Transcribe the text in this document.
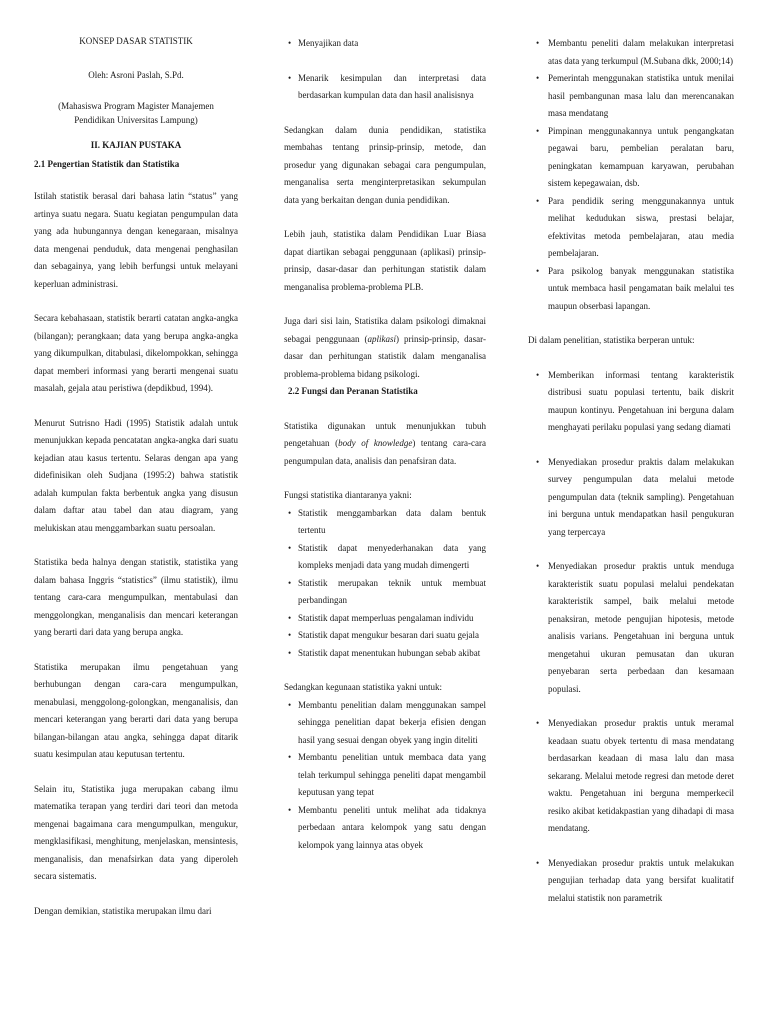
KONSEP DASAR STATISTIK

Oleh: Asroni Paslah, S.Pd.

(Mahasiswa Program Magister Manajemen Pendidikan Universitas Lampung)

II. KAJIAN PUSTAKA

2.1 Pengertian Statistik dan Statistika

Istilah statistik berasal dari bahasa latin “status” yang artinya suatu negara. Suatu kegiatan pengumpulan data yang ada hubungannya dengan kenegaraan, misalnya data mengenai penduduk, data mengenai penghasilan dan sebagainya, yang lebih berfungsi untuk melayani keperluan administrasi.

Secara kebahasaan, statistik berarti catatan angka-angka (bilangan); perangkaan; data yang berupa angka-angka yang dikumpulkan, ditabulasi, dikelompokkan, sehingga dapat memberi informasi yang berarti mengenai suatu masalah, gejala atau peristiwa (depdikbud, 1994).

Menurut Sutrisno Hadi (1995) Statistik adalah untuk menunjukkan kepada pencatatan angka-angka dari suatu kejadian atau kasus tertentu. Selaras dengan apa yang didefinisikan oleh Sudjana (1995:2) bahwa statistik adalah kumpulan fakta berbentuk angka yang disusun dalam daftar atau tabel dan atau diagram, yang melukiskan atau menggambarkan suatu persoalan.

Statistika beda halnya dengan statistik, statistika yang dalam bahasa Inggris “statistics” (ilmu statistik), ilmu tentang cara-cara mengumpulkan, mentabulasi dan menggolongkan, menganalisis dan mencari keterangan yang berarti dari data yang berupa angka.

Statistika merupakan ilmu pengetahuan yang berhubungan dengan cara-cara mengumpulkan, menabulasi, menggolong-golongkan, menganalisis, dan mencari keterangan yang berarti dari data yang berupa bilangan-bilangan atau angka, sehingga dapat ditarik suatu kesimpulan atau keputusan tertentu.

Selain itu, Statistika juga merupakan cabang ilmu matematika terapan yang terdiri dari teori dan metoda mengenai bagaimana cara mengumpulkan, mengukur, mengklasifikasi, menghitung, menjelaskan, mensintesis, menganalisis, dan menafsirkan data yang diperoleh secara sistematis.

Dengan demikian, statistika merupakan ilmu dari

• Menyajikan data
• Menarik kesimpulan dan interpretasi data berdasarkan kumpulan data dan hasil analisisnya

Sedangkan dalam dunia pendidikan, statistika membahas tentang prinsip-prinsip, metode, dan prosedur yang digunakan sebagai cara pengumpulan, menganalisa serta menginterpretasikan sekumpulan data yang berkaitan dengan dunia pendidikan.

Lebih jauh, statistika dalam Pendidikan Luar Biasa dapat diartikan sebagai penggunaan (aplikasi) prinsip-prinsip, dasar-dasar dan perhitungan statistik dalam menganalisa problema-problema PLB.

Juga dari sisi lain, Statistika dalam psikologi dimaknai sebagai penggunaan (aplikasi) prinsip-prinsip, dasar-dasar dan perhitungan statistik dalam menganalisa problema-problema bidang psikologi.

2.2 Fungsi dan Peranan Statistika

Statistika digunakan untuk menunjukkan tubuh pengetahuan (body of knowledge) tentang cara-cara pengumpulan data, analisis dan penafsiran data.

Fungsi statistika diantaranya yakni:

• Statistik menggambarkan data dalam bentuk tertentu
• Statistik dapat menyederhanakan data yang kompleks menjadi data yang mudah dimengerti
• Statistik merupakan teknik untuk membuat perbandingan
• Statistik dapat memperluas pengalaman individu
• Statistik dapat mengukur besaran dari suatu gejala
• Statistik dapat menentukan hubungan sebab akibat

Sedangkan kegunaan statistika yakni untuk:

• Membantu penelitian dalam menggunakan sampel sehingga penelitian dapat bekerja efisien dengan hasil yang sesuai dengan obyek yang ingin diteliti
• Membantu penelitian untuk membaca data yang telah terkumpul sehingga peneliti dapat mengambil keputusan yang tepat
• Membantu peneliti untuk melihat ada tidaknya perbedaan antara kelompok yang satu dengan kelompok yang lainnya atas obyek
• Membantu peneliti dalam melakukan interpretasi atas data yang terkumpul (M.Subana dkk, 2000;14)
• Pemerintah menggunakan statistika untuk menilai hasil pembangunan masa lalu dan merencanakan masa mendatang
• Pimpinan menggunakannya untuk pengangkatan pegawai baru, pembelian peralatan baru, peningkatan kemampuan karyawan, perubahan sistem kepegawaian, dsb.
• Para pendidik sering menggunakannya untuk melihat kedudukan siswa, prestasi belajar, efektivitas metoda pembelajaran, atau media pembelajaran.
• Para psikolog banyak menggunakan statistika untuk membaca hasil pengamatan baik melalui tes maupun obserbasi lapangan.

Di dalam penelitian, statistika berperan untuk:

• Memberikan informasi tentang karakteristik distribusi suatu populasi tertentu, baik diskrit maupun kontinyu. Pengetahuan ini berguna dalam menghayati perilaku populasi yang sedang diamati
• Menyediakan prosedur praktis dalam melakukan survey pengumpulan data melalui metode pengumpulan data (teknik sampling). Pengetahuan ini berguna untuk mendapatkan hasil pengukuran yang terpercaya
• Menyediakan prosedur praktis untuk menduga karakteristik suatu populasi melalui pendekatan karakteristik sampel, baik melalui metode penaksiran, metode pengujian hipotesis, metode analisis varians. Pengetahuan ini berguna untuk mengetahui ukuran pemusatan dan ukuran penyebaran serta perbedaan dan kesamaan populasi.
• Menyediakan prosedur praktis untuk meramal keadaan suatu obyek tertentu di masa mendatang berdasarkan keadaan di masa lalu dan masa sekarang. Melalui metode regresi dan metode deret waktu. Pengetahuan ini berguna memperkecil resiko akibat ketidakpastian yang dihadapi di masa mendatang.
• Menyediakan prosedur praktis untuk melakukan pengujian terhadap data yang bersifat kualitatif melalui statistik non parametrik
